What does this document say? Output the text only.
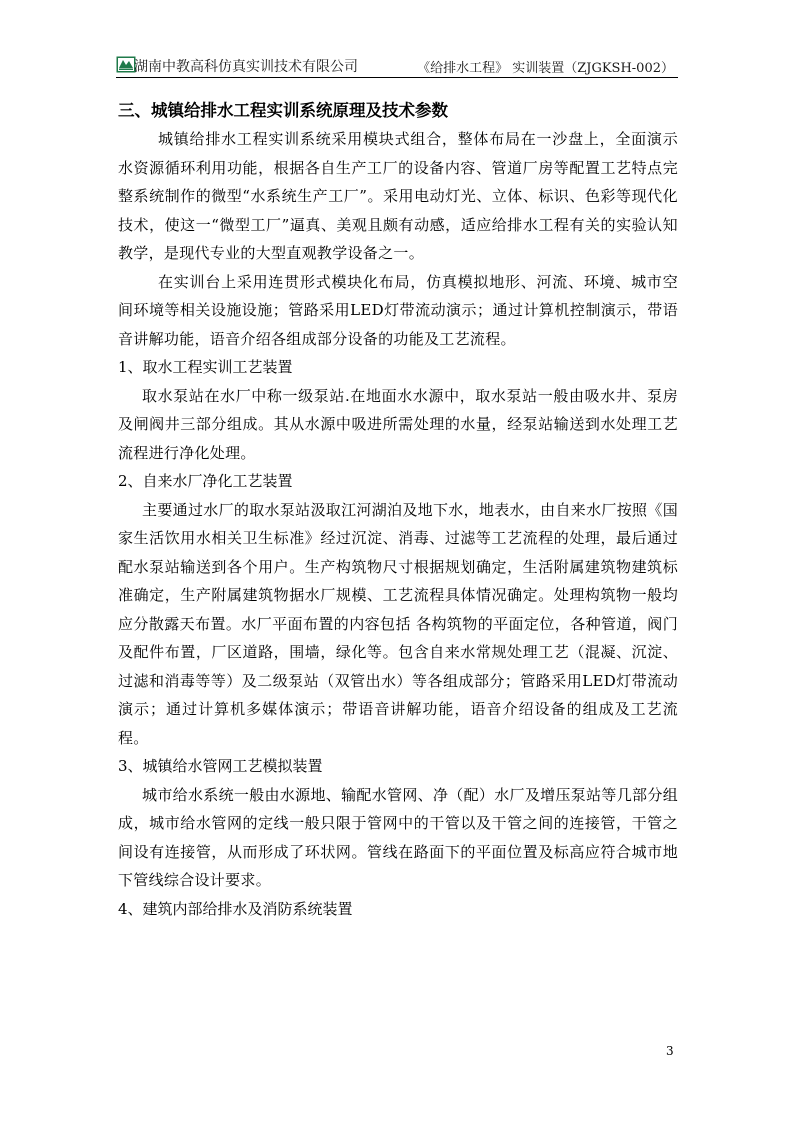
湖南中教高科仿真实训技术有限公司	《给排水工程》 实训装置（ZJGKSH-002）
三、城镇给排水工程实训系统原理及技术参数

城镇给排水工程实训系统采用模块式组合，整体布局在一沙盘上，全面演示水资源循环利用功能，根据各自生产工厂的设备内容、管道厂房等配置工艺特点完整系统制作的微型“水系统生产工厂”。采用电动灯光、立体、标识、色彩等现代化技术，使这一“微型工厂”逼真、美观且颇有动感，适应给排水工程有关的实验认知教学，是现代专业的大型直观教学设备之一。

在实训台上采用连贯形式模块化布局，仿真模拟地形、河流、环境、城市空间环境等相关设施设施；管路采用LED灯带流动演示；通过计算机控制演示，带语音讲解功能，语音介绍各组成部分设备的功能及工艺流程。

1、取水工程实训工艺装置

取水泵站在水厂中称一级泵站.在地面水水源中，取水泵站一般由吸水井、泵房及闸阀井三部分组成。其从水源中吸进所需处理的水量，经泵站输送到水处理工艺流程进行净化处理。

2、自来水厂净化工艺装置

主要通过水厂的取水泵站汲取江河湖泊及地下水，地表水，由自来水厂按照《国家生活饮用水相关卫生标准》经过沉淀、消毒、过滤等工艺流程的处理，最后通过配水泵站输送到各个用户。生产构筑物尺寸根据规划确定，生活附属建筑物建筑标准确定，生产附属建筑物据水厂规模、工艺流程具体情况确定。处理构筑物一般均应分散露天布置。水厂平面布置的内容包括 各构筑物的平面定位，各种管道，阀门及配件布置，厂区道路，围墙，绿化等。包含自来水常规处理工艺（混凝、沉淀、过滤和消毒等等）及二级泵站（双管出水）等各组成部分；管路采用LED灯带流动演示；通过计算机多媒体演示；带语音讲解功能，语音介绍设备的组成及工艺流程。

3、城镇给水管网工艺模拟装置

城市给水系统一般由水源地、输配水管网、净（配）水厂及增压泵站等几部分组成，城市给水管网的定线一般只限于管网中的干管以及干管之间的连接管，干管之间设有连接管，从而形成了环状网。管线在路面下的平面位置及标高应符合城市地下管线综合设计要求。

4、建筑内部给排水及消防系统装置

3
